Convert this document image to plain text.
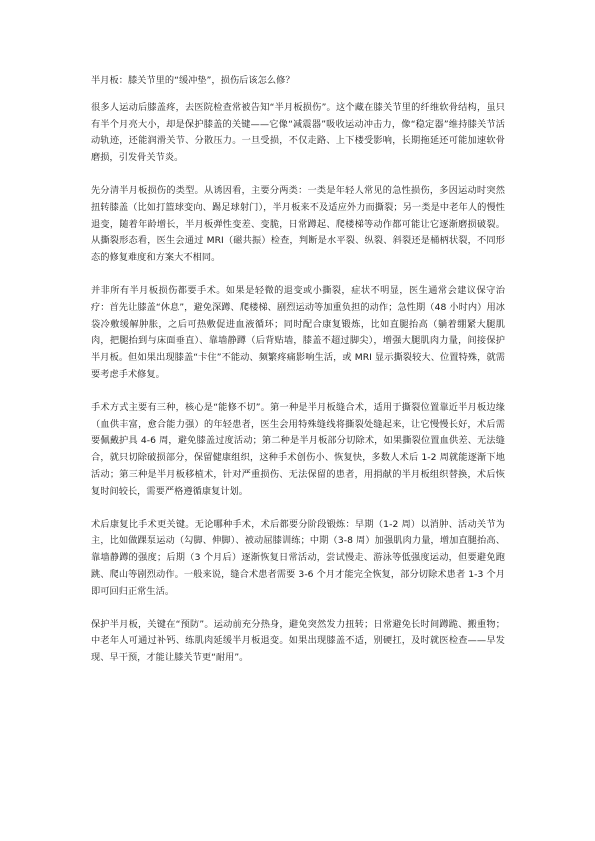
半月板：膝关节里的“缓冲垫”，损伤后该怎么修？

很多人运动后膝盖疼，去医院检查常被告知“半月板损伤”。这个藏在膝关节里的纤维软骨结构，虽只有半个月亮大小，却是保护膝盖的关键——它像“减震器”吸收运动冲击力，像“稳定器”维持膝关节活动轨迹，还能润滑关节、分散压力。一旦受损，不仅走路、上下楼受影响，长期拖延还可能加速软骨磨损，引发骨关节炎。

先分清半月板损伤的类型。从诱因看，主要分两类：一类是年轻人常见的急性损伤，多因运动时突然扭转膝盖（比如打篮球变向、踢足球射门），半月板来不及适应外力而撕裂；另一类是中老年人的慢性退变，随着年龄增长，半月板弹性变差、变脆，日常蹲起、爬楼梯等动作都可能让它逐渐磨损破裂。从撕裂形态看，医生会通过 MRI（磁共振）检查，判断是水平裂、纵裂、斜裂还是桶柄状裂，不同形态的修复难度和方案大不相同。

并非所有半月板损伤都要手术。如果是轻微的退变或小撕裂，症状不明显，医生通常会建议保守治疗：首先让膝盖“休息”，避免深蹲、爬楼梯、剧烈运动等加重负担的动作；急性期（48 小时内）用冰袋冷敷缓解肿胀，之后可热敷促进血液循环；同时配合康复锻炼，比如直腿抬高（躺着绷紧大腿肌肉，把腿抬到与床面垂直）、靠墙静蹲（后背贴墙，膝盖不超过脚尖），增强大腿肌肉力量，间接保护半月板。但如果出现膝盖“卡住”不能动、频繁疼痛影响生活，或 MRI 显示撕裂较大、位置特殊，就需要考虑手术修复。

手术方式主要有三种，核心是“能修不切”。第一种是半月板缝合术，适用于撕裂位置靠近半月板边缘（血供丰富，愈合能力强）的年轻患者，医生会用特殊缝线将撕裂处缝起来，让它慢慢长好，术后需要佩戴护具 4-6 周，避免膝盖过度活动；第二种是半月板部分切除术，如果撕裂位置血供差、无法缝合，就只切除破损部分，保留健康组织，这种手术创伤小、恢复快，多数人术后 1-2 周就能逐渐下地活动；第三种是半月板移植术，针对严重损伤、无法保留的患者，用捐献的半月板组织替换，术后恢复时间较长，需要严格遵循康复计划。

术后康复比手术更关键。无论哪种手术，术后都要分阶段锻炼：早期（1-2 周）以消肿、活动关节为主，比如做踝泵运动（勾脚、伸脚）、被动屈膝训练；中期（3-8 周）加强肌肉力量，增加直腿抬高、靠墙静蹲的强度；后期（3 个月后）逐渐恢复日常活动，尝试慢走、游泳等低强度运动，但要避免跑跳、爬山等剧烈动作。一般来说，缝合术患者需要 3-6 个月才能完全恢复，部分切除术患者 1-3 个月即可回归正常生活。

保护半月板，关键在“预防”。运动前充分热身，避免突然发力扭转；日常避免长时间蹲跪、搬重物；中老年人可通过补钙、练肌肉延缓半月板退变。如果出现膝盖不适，别硬扛，及时就医检查——早发现、早干预，才能让膝关节更“耐用”。
